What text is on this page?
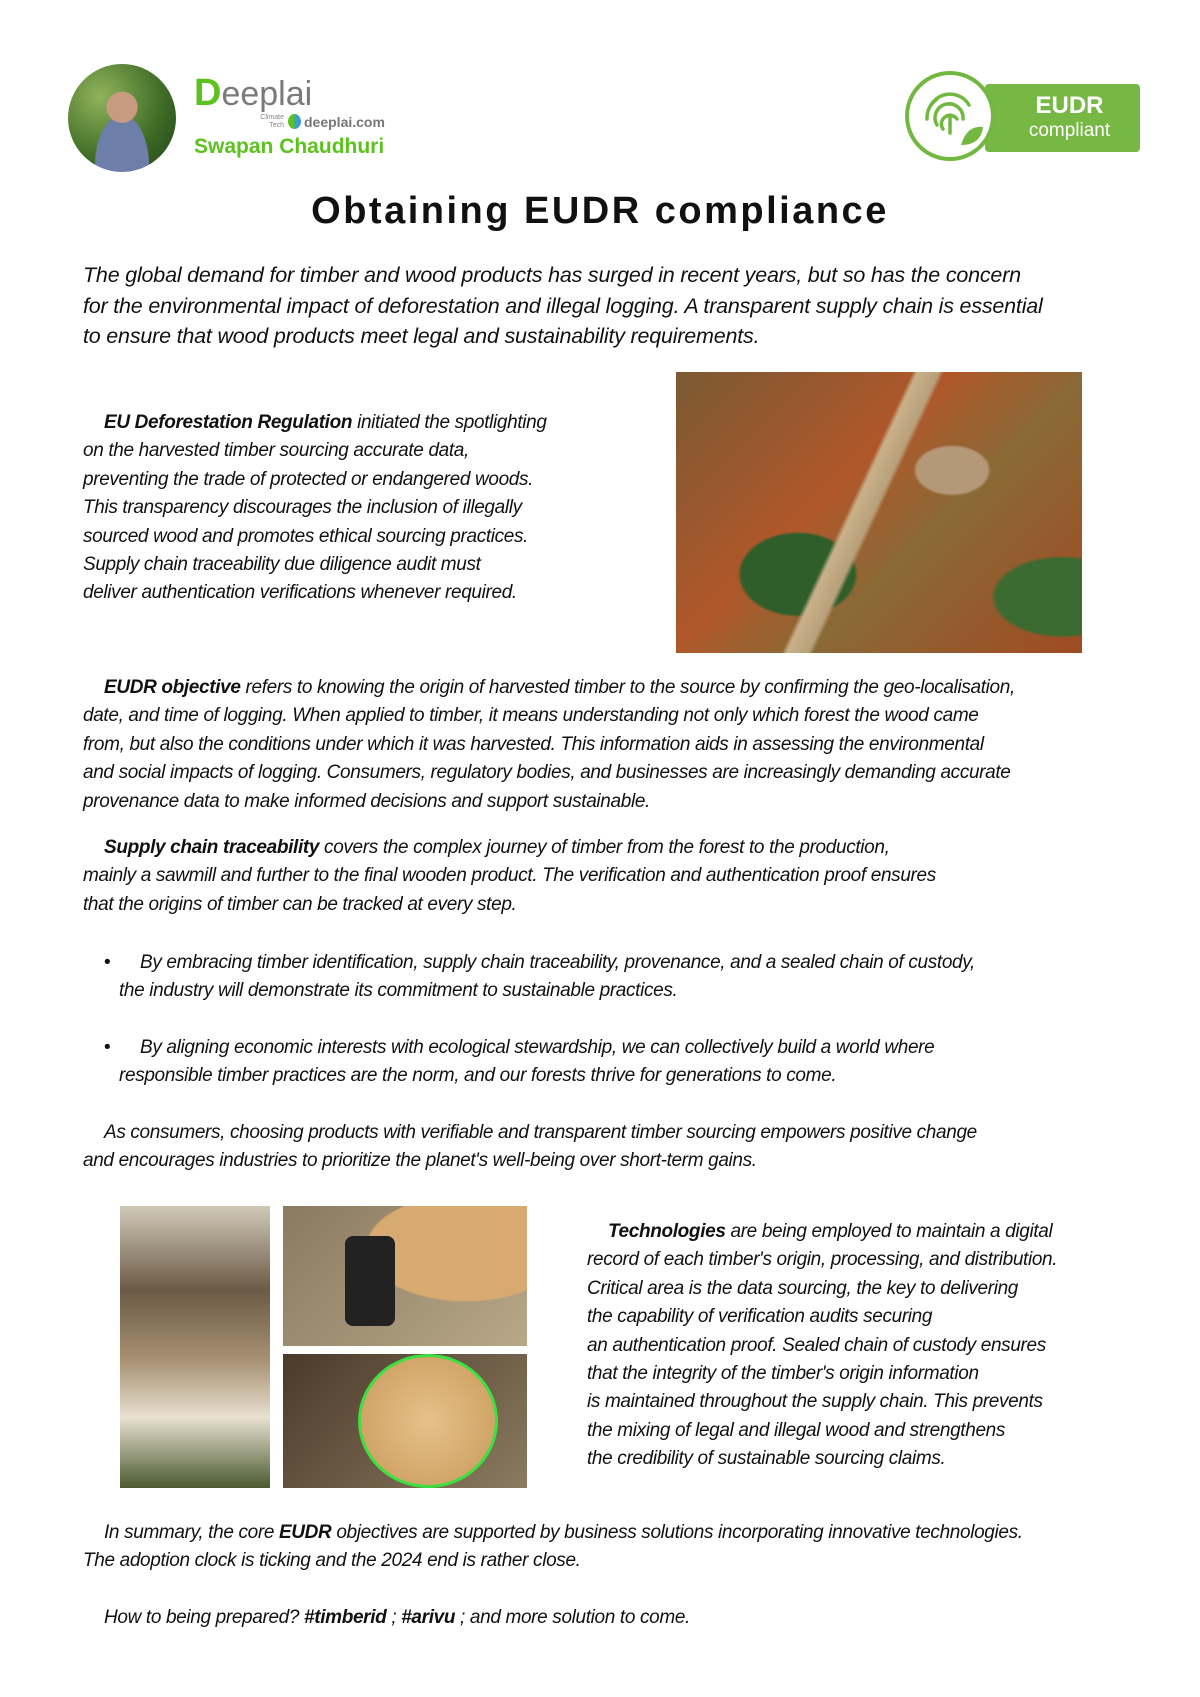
Deeplai
Climate Tech deeplai.com
Swapan Chaudhuri
EUDR
compliant
Obtaining EUDR compliance
The global demand for timber and wood products has surged in recent years, but so has the concern
for the environmental impact of deforestation and illegal logging. A transparent supply chain is essential
to ensure that wood products meet legal and sustainability requirements.
EU Deforestation Regulation initiated the spotlighting
on the harvested timber sourcing accurate data,
preventing the trade of protected or endangered woods.
This transparency discourages the inclusion of illegally
sourced wood and promotes ethical sourcing practices.
Supply chain traceability due diligence audit must
deliver authentication verifications whenever required.
EUDR objective refers to knowing the origin of harvested timber to the source by confirming the geo-localisation,
date, and time of logging. When applied to timber, it means understanding not only which forest the wood came
from, but also the conditions under which it was harvested. This information aids in assessing the environmental
and social impacts of logging. Consumers, regulatory bodies, and businesses are increasingly demanding accurate
provenance data to make informed decisions and support sustainable.
Supply chain traceability covers the complex journey of timber from the forest to the production,
mainly a sawmill and further to the final wooden product. The verification and authentication proof ensures
that the origins of timber can be tracked at every step.
• By embracing timber identification, supply chain traceability, provenance, and a sealed chain of custody,
the industry will demonstrate its commitment to sustainable practices.
• By aligning economic interests with ecological stewardship, we can collectively build a world where
responsible timber practices are the norm, and our forests thrive for generations to come.
As consumers, choosing products with verifiable and transparent timber sourcing empowers positive change
and encourages industries to prioritize the planet's well-being over short-term gains.
Technologies are being employed to maintain a digital
record of each timber's origin, processing, and distribution.
Critical area is the data sourcing, the key to delivering
the capability of verification audits securing
an authentication proof. Sealed chain of custody ensures
that the integrity of the timber's origin information
is maintained throughout the supply chain. This prevents
the mixing of legal and illegal wood and strengthens
the credibility of sustainable sourcing claims.
In summary, the core EUDR objectives are supported by business solutions incorporating innovative technologies.
The adoption clock is ticking and the 2024 end is rather close.
How to being prepared? #timberid ; #arivu ; and more solution to come.
